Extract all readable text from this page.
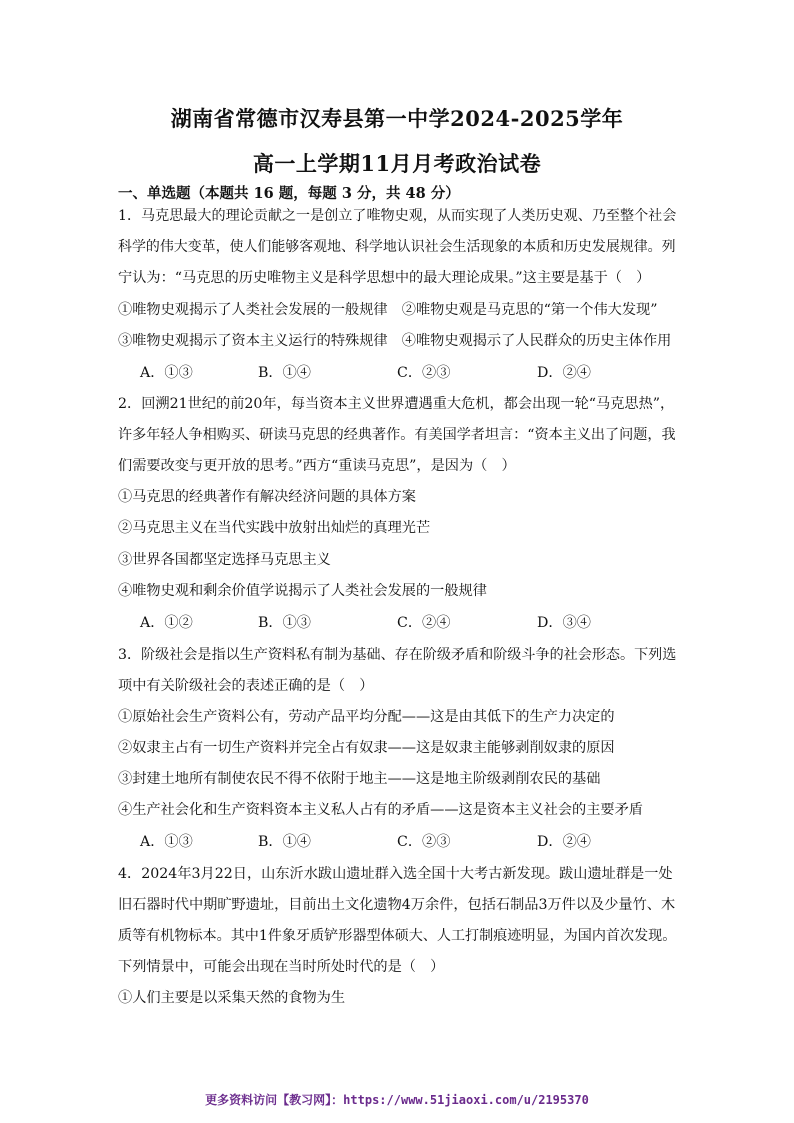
湖南省常德市汉寿县第一中学2024-2025学年
高一上学期11月月考政治试卷
一、单选题（本题共 16 题，每题 3 分，共 48 分）
1．马克思最大的理论贡献之一是创立了唯物史观，从而实现了人类历史观、乃至整个社会
科学的伟大变革，使人们能够客观地、科学地认识社会生活现象的本质和历史发展规律。列
宁认为：“马克思的历史唯物主义是科学思想中的最大理论成果。”这主要是基于（　）
①唯物史观揭示了人类社会发展的一般规律　②唯物史观是马克思的“第一个伟大发现”
③唯物史观揭示了资本主义运行的特殊规律　④唯物史观揭示了人民群众的历史主体作用
A．①③	B．①④	C．②③	D．②④
2．回溯21世纪的前20年，每当资本主义世界遭遇重大危机，都会出现一轮“马克思热”，
许多年轻人争相购买、研读马克思的经典著作。有美国学者坦言：“资本主义出了问题，我
们需要改变与更开放的思考。”西方“重读马克思”，是因为（　）
①马克思的经典著作有解决经济问题的具体方案
②马克思主义在当代实践中放射出灿烂的真理光芒
③世界各国都坚定选择马克思主义
④唯物史观和剩余价值学说揭示了人类社会发展的一般规律
A．①②	B．①③	C．②④	D．③④
3．阶级社会是指以生产资料私有制为基础、存在阶级矛盾和阶级斗争的社会形态。下列选
项中有关阶级社会的表述正确的是（　）
①原始社会生产资料公有，劳动产品平均分配——这是由其低下的生产力决定的
②奴隶主占有一切生产资料并完全占有奴隶——这是奴隶主能够剥削奴隶的原因
③封建土地所有制使农民不得不依附于地主——这是地主阶级剥削农民的基础
④生产社会化和生产资料资本主义私人占有的矛盾——这是资本主义社会的主要矛盾
A．①③	B．①④	C．②③	D．②④
4．2024年3月22日，山东沂水跋山遗址群入选全国十大考古新发现。跋山遗址群是一处
旧石器时代中期旷野遗址，目前出土文化遗物4万余件，包括石制品3万件以及少量竹、木
质等有机物标本。其中1件象牙质铲形器型体硕大、人工打制痕迹明显，为国内首次发现。
下列情景中，可能会出现在当时所处时代的是（　）
①人们主要是以采集天然的食物为生
更多资料访问【教习网】：https://www.51jiaoxi.com/u/2195370
